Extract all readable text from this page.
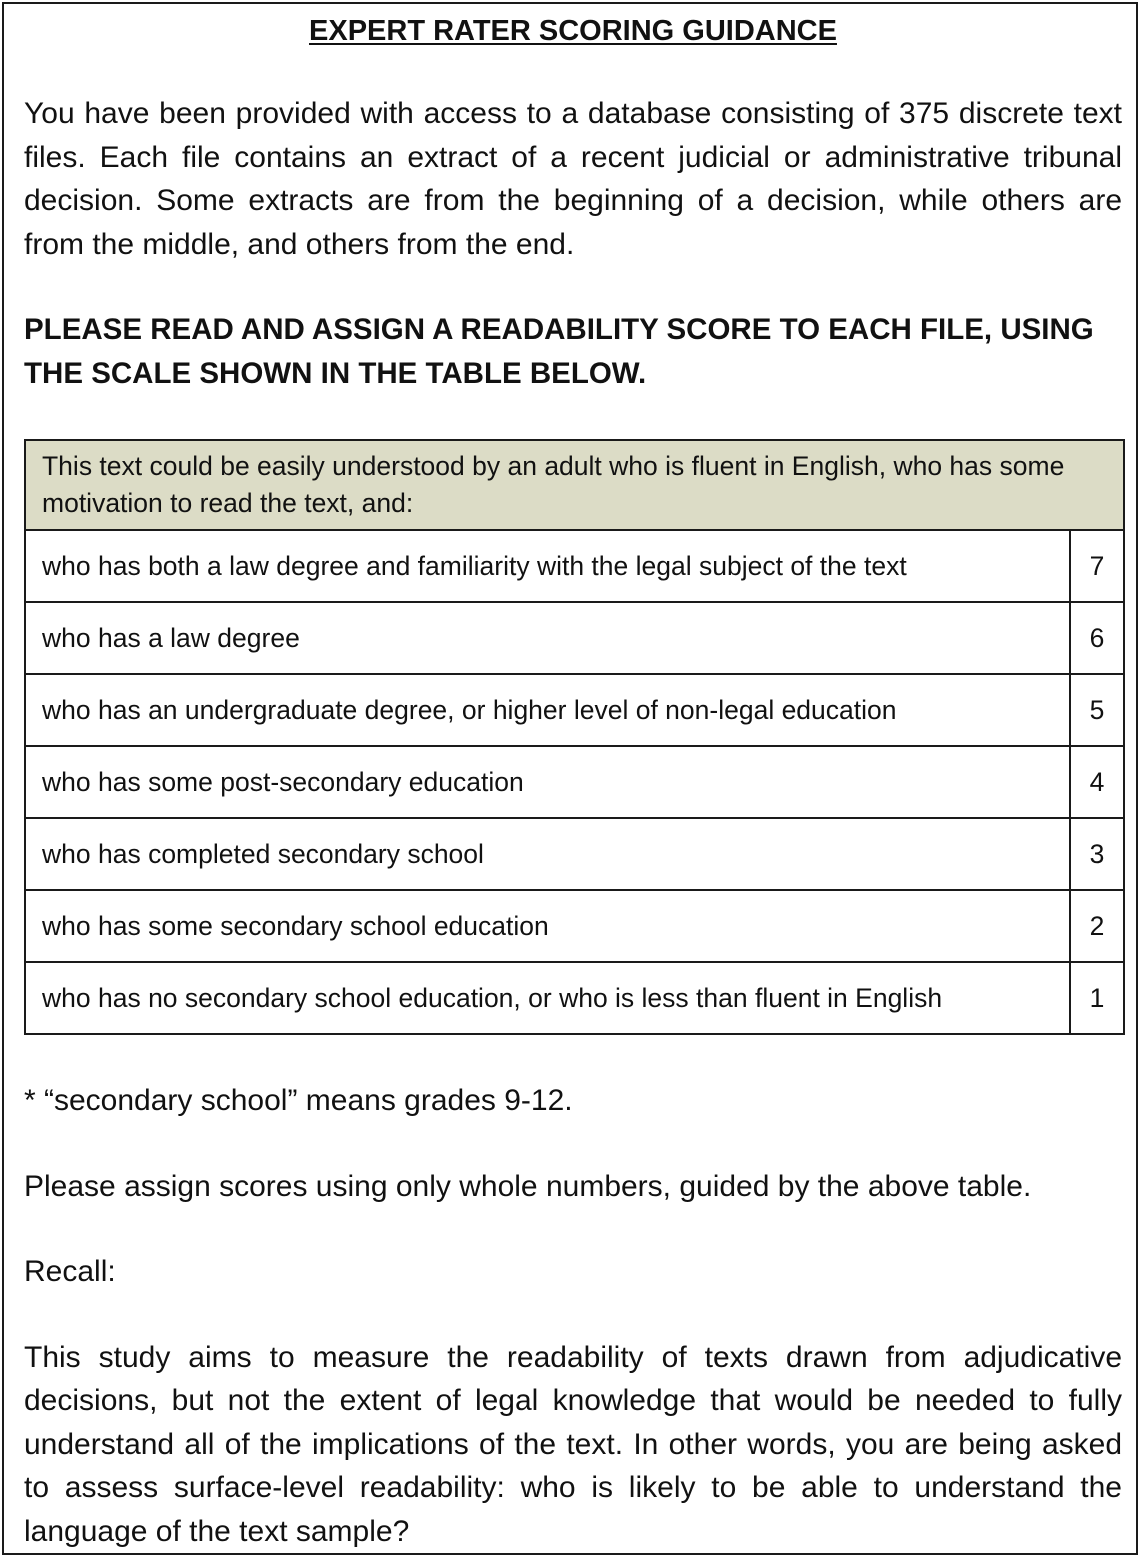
EXPERT RATER SCORING GUIDANCE

You have been provided with access to a database consisting of 375 discrete text files. Each file contains an extract of a recent judicial or administrative tribunal decision. Some extracts are from the beginning of a decision, while others are from the middle, and others from the end.

PLEASE READ AND ASSIGN A READABILITY SCORE TO EACH FILE, USING THE SCALE SHOWN IN THE TABLE BELOW.

This text could be easily understood by an adult who is fluent in English, who has some motivation to read the text, and:	
who has both a law degree and familiarity with the legal subject of the text	7
who has a law degree	6
who has an undergraduate degree, or higher level of non-legal education	5
who has some post-secondary education	4
who has completed secondary school	3
who has some secondary school education	2
who has no secondary school education, or who is less than fluent in English	1

* “secondary school” means grades 9-12.

Please assign scores using only whole numbers, guided by the above table.

Recall:

This study aims to measure the readability of texts drawn from adjudicative decisions, but not the extent of legal knowledge that would be needed to fully understand all of the implications of the text. In other words, you are being asked to assess surface-level readability: who is likely to be able to understand the language of the text sample?
